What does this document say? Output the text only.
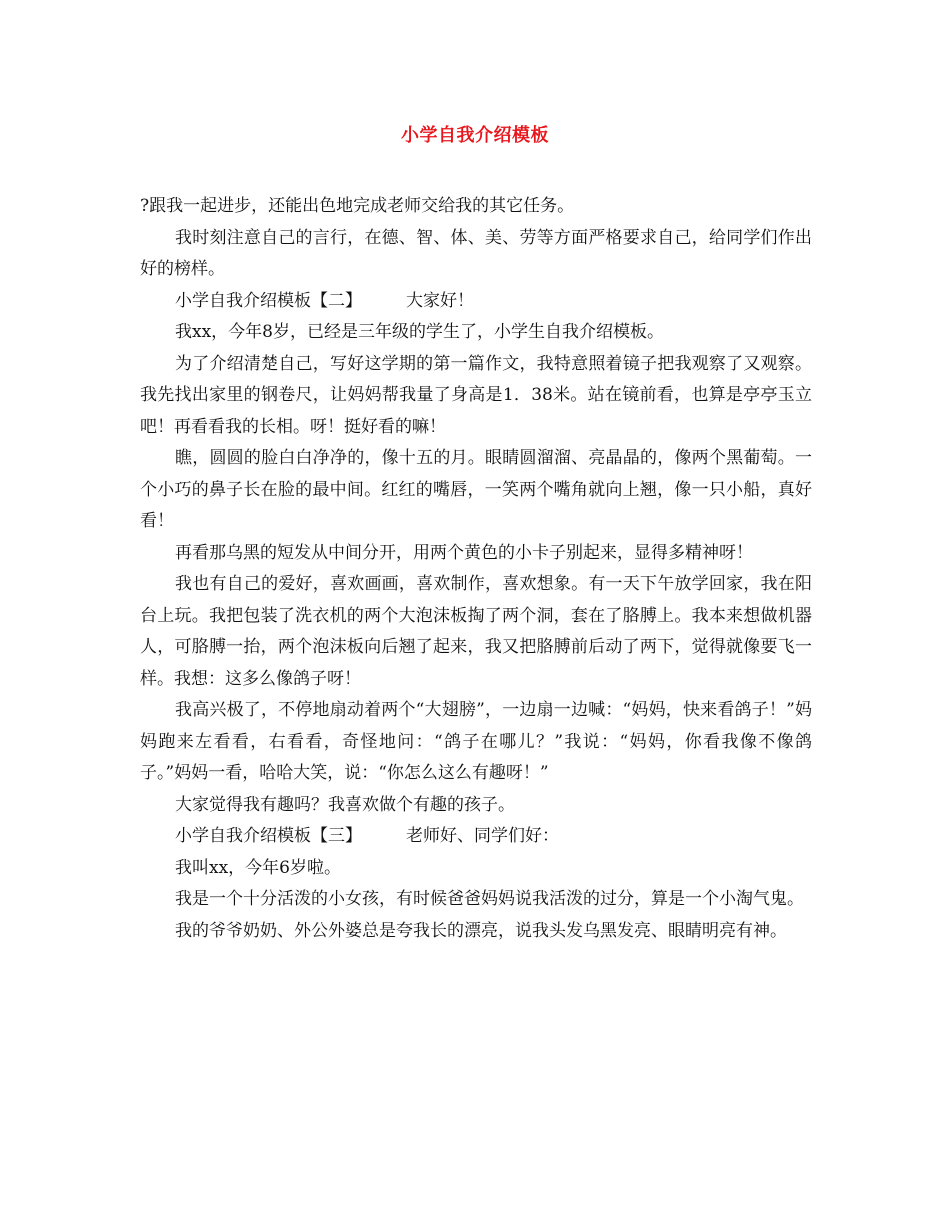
小学自我介绍模板

?跟我一起进步，还能出色地完成老师交给我的其它任务。

我时刻注意自己的言行，在德、智、体、美、劳等方面严格要求自己，给同学们作出好的榜样。

小学自我介绍模板【二】	大家好！

我xx，今年8岁，已经是三年级的学生了，小学生自我介绍模板。

为了介绍清楚自己，写好这学期的第一篇作文，我特意照着镜子把我观察了又观察。我先找出家里的钢卷尺，让妈妈帮我量了身高是1．38米。站在镜前看，也算是亭亭玉立吧！再看看我的长相。呀！挺好看的嘛！

瞧，圆圆的脸白白净净的，像十五的月。眼睛圆溜溜、亮晶晶的，像两个黑葡萄。一个小巧的鼻子长在脸的最中间。红红的嘴唇，一笑两个嘴角就向上翘，像一只小船，真好看！

再看那乌黑的短发从中间分开，用两个黄色的小卡子别起来，显得多精神呀！

我也有自己的爱好，喜欢画画，喜欢制作，喜欢想象。有一天下午放学回家，我在阳台上玩。我把包装了洗衣机的两个大泡沫板掏了两个洞，套在了胳膊上。我本来想做机器人，可胳膊一抬，两个泡沫板向后翘了起来，我又把胳膊前后动了两下，觉得就像要飞一样。我想：这多么像鸽子呀！

我高兴极了，不停地扇动着两个“大翅膀”，一边扇一边喊：“妈妈，快来看鸽子！”妈妈跑来左看看，右看看，奇怪地问：“鸽子在哪儿？”我说：“妈妈，你看我像不像鸽子。”妈妈一看，哈哈大笑，说：“你怎么这么有趣呀！”

大家觉得我有趣吗？我喜欢做个有趣的孩子。

小学自我介绍模板【三】	老师好、同学们好：

我叫xx，今年6岁啦。

我是一个十分活泼的小女孩，有时候爸爸妈妈说我活泼的过分，算是一个小淘气鬼。

我的爷爷奶奶、外公外婆总是夸我长的漂亮，说我头发乌黑发亮、眼睛明亮有神。
